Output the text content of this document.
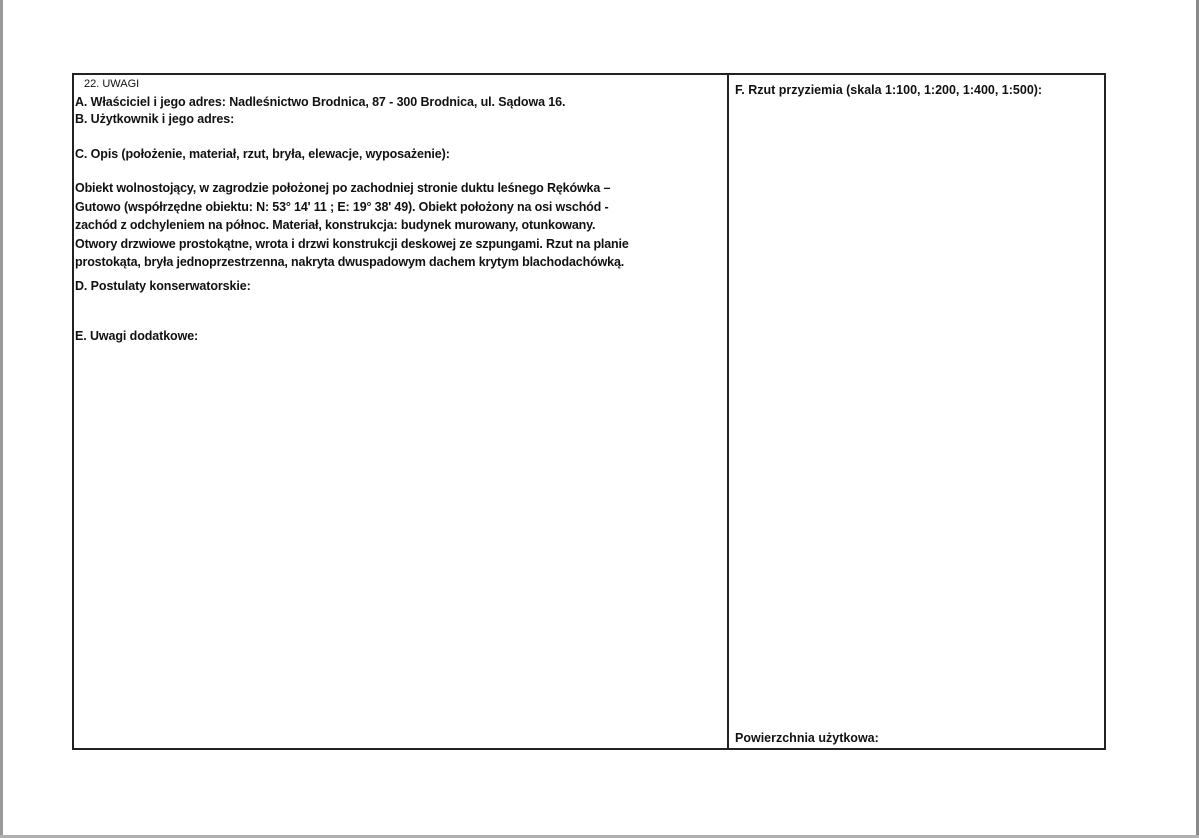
22. UWAGI
A. Właściciel i jego adres: Nadleśnictwo Brodnica, 87 - 300 Brodnica, ul. Sądowa 16.
B. Użytkownik i jego adres:
C. Opis (położenie, materiał, rzut, bryła, elewacje, wyposażenie):
Obiekt wolnostojący, w zagrodzie położonej po zachodniej stronie duktu leśnego Rękówka –
Gutowo (współrzędne obiektu: N: 53° 14' 11 ; E: 19° 38' 49). Obiekt położony na osi wschód -
zachód z odchyleniem na północ. Materiał, konstrukcja: budynek murowany, otunkowany.
Otwory drzwiowe prostokątne, wrota i drzwi konstrukcji deskowej ze szpungami. Rzut na planie
prostokąta, bryła jednoprzestrzenna, nakryta dwuspadowym dachem krytym blachodachówką.
D. Postulaty konserwatorskie:
E. Uwagi dodatkowe:
F. Rzut przyziemia (skala 1:100, 1:200, 1:400, 1:500):
Powierzchnia użytkowa:
